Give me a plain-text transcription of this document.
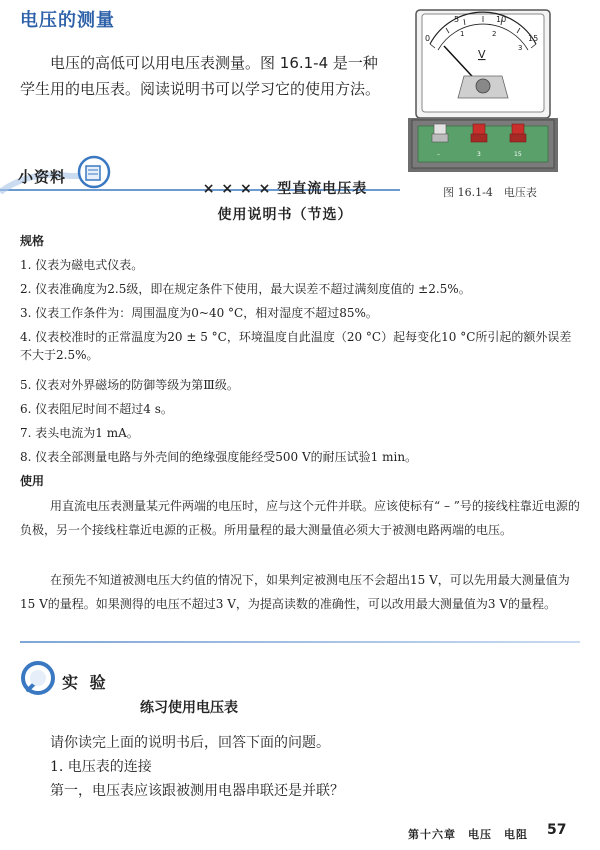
电压的测量
电压的高低可以用电压表测量。图 16.1-4 是一种学生用的电压表。阅读说明书可以学习它的使用方法。
0
5	10
15
1	2
3
V
–	3	15
图 16.1-4　电压表
小资料
× × × × 型直流电压表
使用说明书（节选）
规格
1. 仪表为磁电式仪表。
2. 仪表准确度为2.5级，即在规定条件下使用，最大误差不超过满刻度值的 ±2.5%。
3. 仪表工作条件为：周围温度为0~40 °C，相对湿度不超过85%。
4. 仪表校准时的正常温度为20 ± 5 °C，环境温度自此温度（20 °C）起每变化10 °C所引起的额外误差不大于2.5%。
5. 仪表对外界磁场的防御等级为第Ⅲ级。
6. 仪表阻尼时间不超过4 s。
7. 表头电流为1 mA。
8. 仪表全部测量电路与外壳间的绝缘强度能经受500 V的耐压试验1 min。
使用
用直流电压表测量某元件两端的电压时，应与这个元件并联。应该使标有“ – ”号的接线柱靠近电源的负极，另一个接线柱靠近电源的正极。所用量程的最大测量值必须大于被测电路两端的电压。
在预先不知道被测电压大约值的情况下，如果判定被测电压不会超出15 V，可以先用最大测量值为15 V的量程。如果测得的电压不超过3 V，为提高读数的准确性，可以改用最大测量值为3 V的量程。
实 验
练习使用电压表
请你读完上面的说明书后，回答下面的问题。
1. 电压表的连接
第一，电压表应该跟被测用电器串联还是并联？
第十六章　电压　电阻 57
